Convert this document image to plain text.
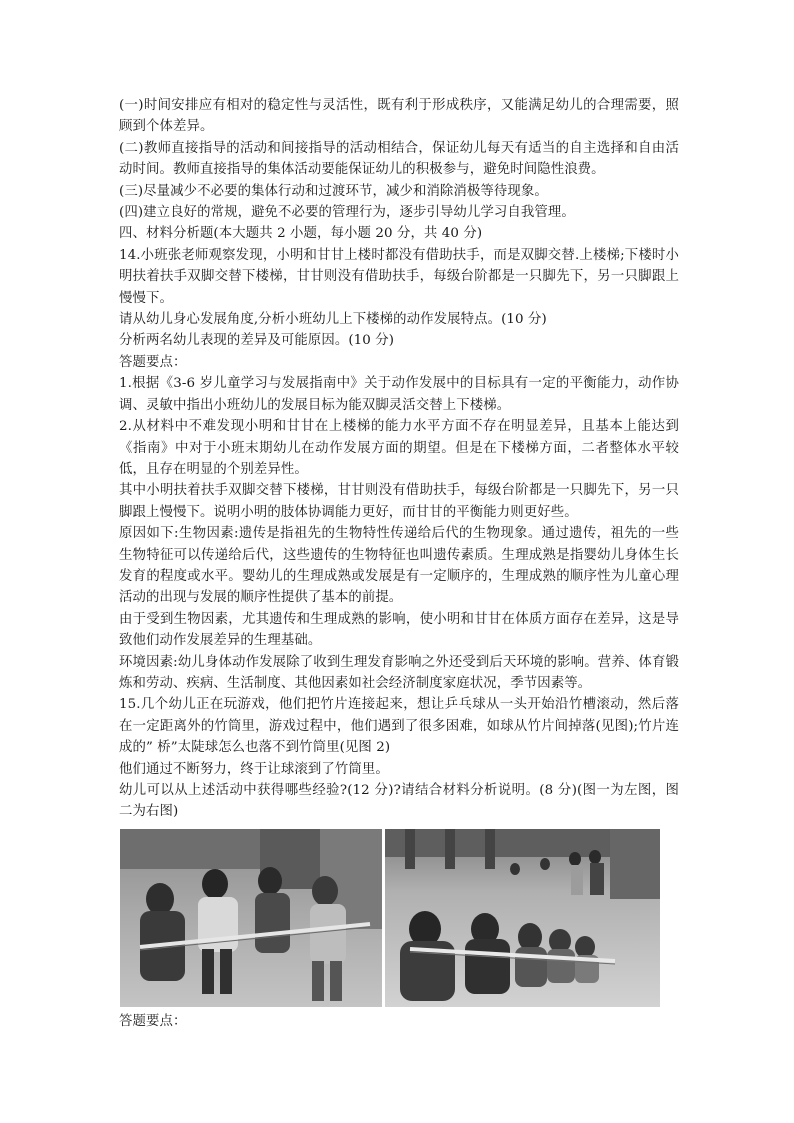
(一)时间安排应有相对的稳定性与灵活性，既有利于形成秩序，又能满足幼儿的合理需要，照顾到个体差异。

(二)教师直接指导的活动和间接指导的活动相结合，保证幼儿每天有适当的自主选择和自由活动时间。教师直接指导的集体活动要能保证幼儿的积极参与，避免时间隐性浪费。

(三)尽量减少不必要的集体行动和过渡环节，减少和消除消极等待现象。

(四)建立良好的常规，避免不必要的管理行为，逐步引导幼儿学习自我管理。

四、材料分析题(本大题共 2 小题，每小题 20 分，共 40 分)

14.小班张老师观察发现，小明和甘甘上楼时都没有借助扶手，而是双脚交替.上楼梯;下楼时小明扶着扶手双脚交替下楼梯，甘甘则没有借助扶手，每级台阶都是一只脚先下，另一只脚跟上慢慢下。

请从幼儿身心发展角度,分析小班幼儿上下楼梯的动作发展特点。(10 分)

分析两名幼儿表现的差异及可能原因。(10 分)

答题要点：

1.根据《3-6 岁儿童学习与发展指南中》关于动作发展中的目标具有一定的平衡能力，动作协调、灵敏中指出小班幼儿的发展目标为能双脚灵活交替上下楼梯。

2.从材料中不难发现小明和甘甘在上楼梯的能力水平方面不存在明显差异，且基本上能达到《指南》中对于小班末期幼儿在动作发展方面的期望。但是在下楼梯方面，二者整体水平较低，且存在明显的个别差异性。

其中小明扶着扶手双脚交替下楼梯，甘甘则没有借助扶手，每级台阶都是一只脚先下，另一只脚跟上慢慢下。说明小明的肢体协调能力更好，而甘甘的平衡能力则更好些。

原因如下:生物因素:遗传是指祖先的生物特性传递给后代的生物现象。通过遗传，祖先的一些生物特征可以传递给后代，这些遗传的生物特征也叫遗传素质。生理成熟是指婴幼儿身体生长发育的程度或水平。婴幼儿的生理成熟或发展是有一定顺序的，生理成熟的顺序性为儿童心理活动的出现与发展的顺序性提供了基本的前提。

由于受到生物因素，尤其遗传和生理成熟的影响，使小明和甘甘在体质方面存在差异，这是导致他们动作发展差异的生理基础。

环境因素:幼儿身体动作发展除了收到生理发育影响之外还受到后天环境的影响。营养、体育锻炼和劳动、疾病、生活制度、其他因素如社会经济制度家庭状况，季节因素等。

15.几个幼儿正在玩游戏，他们把竹片连接起来，想让乒乓球从一头开始沿竹槽滚动，然后落在一定距离外的竹筒里，游戏过程中，他们遇到了很多困难，如球从竹片间掉落(见图);竹片连成的” 桥”太陡球怎么也落不到竹筒里(见图 2)

他们通过不断努力，终于让球滚到了竹筒里。

幼儿可以从上述活动中获得哪些经验?(12 分)?请结合材料分析说明。(8 分)(图一为左图，图二为右图)

答题要点：
